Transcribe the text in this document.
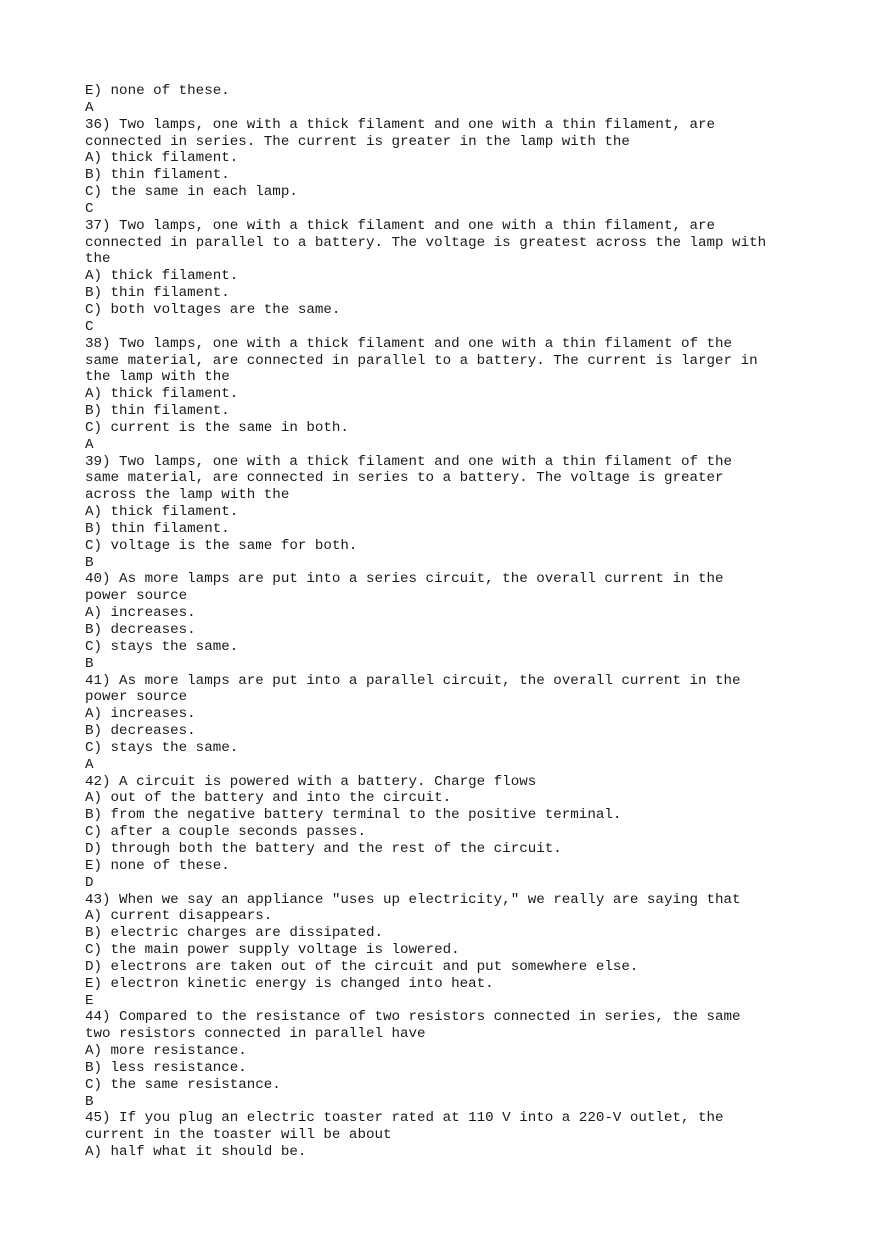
E) none of these.
A
36) Two lamps, one with a thick filament and one with a thin filament, are
connected in series. The current is greater in the lamp with the
A) thick filament.
B) thin filament.
C) the same in each lamp.
C
37) Two lamps, one with a thick filament and one with a thin filament, are
connected in parallel to a battery. The voltage is greatest across the lamp with
the
A) thick filament.
B) thin filament.
C) both voltages are the same.
C
38) Two lamps, one with a thick filament and one with a thin filament of the
same material, are connected in parallel to a battery. The current is larger in
the lamp with the
A) thick filament.
B) thin filament.
C) current is the same in both.
A
39) Two lamps, one with a thick filament and one with a thin filament of the
same material, are connected in series to a battery. The voltage is greater
across the lamp with the
A) thick filament.
B) thin filament.
C) voltage is the same for both.
B
40) As more lamps are put into a series circuit, the overall current in the
power source
A) increases.
B) decreases.
C) stays the same.
B
41) As more lamps are put into a parallel circuit, the overall current in the
power source
A) increases.
B) decreases.
C) stays the same.
A
42) A circuit is powered with a battery. Charge flows
A) out of the battery and into the circuit.
B) from the negative battery terminal to the positive terminal.
C) after a couple seconds passes.
D) through both the battery and the rest of the circuit.
E) none of these.
D
43) When we say an appliance "uses up electricity," we really are saying that
A) current disappears.
B) electric charges are dissipated.
C) the main power supply voltage is lowered.
D) electrons are taken out of the circuit and put somewhere else.
E) electron kinetic energy is changed into heat.
E
44) Compared to the resistance of two resistors connected in series, the same
two resistors connected in parallel have
A) more resistance.
B) less resistance.
C) the same resistance.
B
45) If you plug an electric toaster rated at 110 V into a 220-V outlet, the
current in the toaster will be about
A) half what it should be.
